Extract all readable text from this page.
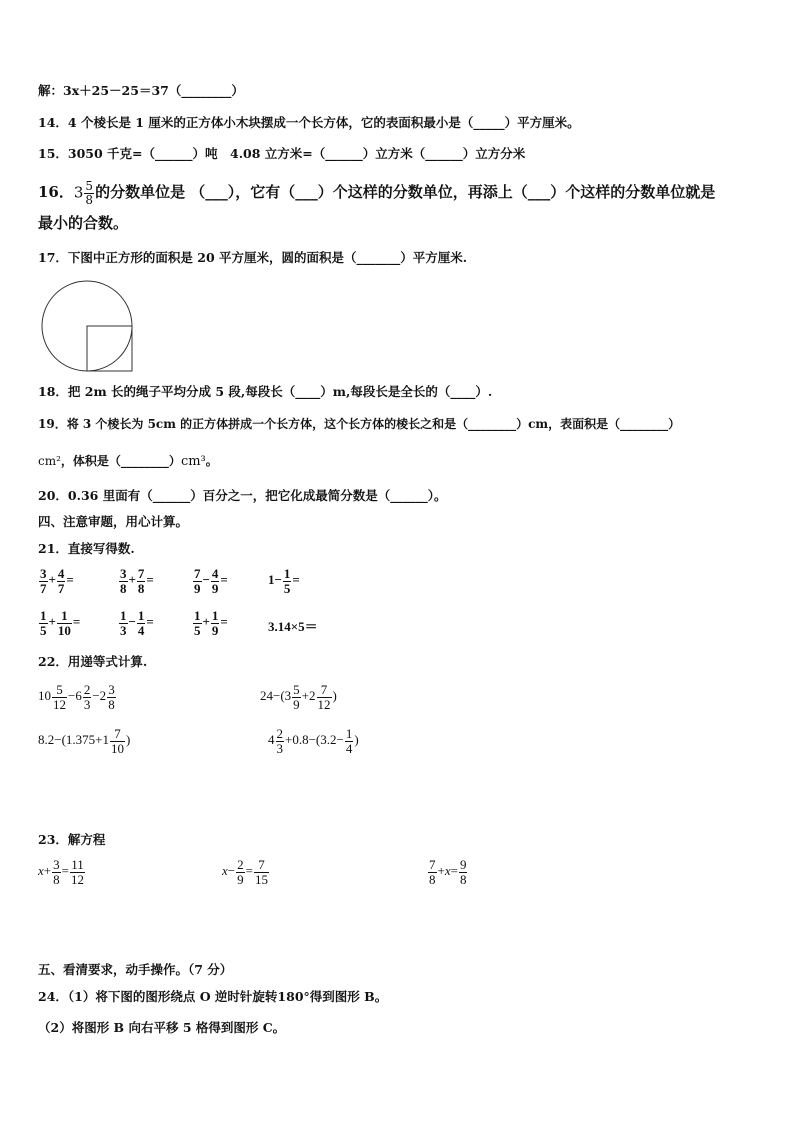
解：3x＋25－25＝37（________）
14．4 个棱长是 1 厘米的正方体小木块摆成一个长方体，它的表面积最小是（_____）平方厘米。
15．3050 千克=（______）吨　4.08 立方米=（______）立方米（______）立方分米
16．$3 \frac{5}{8}$ 的分数单位是 （___），它有（___）个这样的分数单位，再添上（___）个这样的分数单位就是
最小的合数。
17．下图中正方形的面积是 20 平方厘米，圆的面积是（_______）平方厘米.
18．把 2m 长的绳子平均分成 5 段,每段长（____）m,每段长是全长的（____）.
19．将 3 个棱长为 5cm 的正方体拼成一个长方体，这个长方体的棱长之和是（________）cm，表面积是（________）
cm²，体积是（________）cm³。
20．0.36 里面有（______）百分之一，把它化成最简分数是（______）。
四、注意审题，用心计算。
21．直接写得数.
$\frac{3}{7} + \frac{4}{7}$ =	$\frac{3}{8} + \frac{7}{8}$ =	$\frac{7}{9} - \frac{4}{9}$ =	$1- \frac{1}{5}$ =
$\frac{1}{5} + \frac{1}{10}$ =	$\frac{1}{3} - \frac{1}{4}$ =	$\frac{1}{5} + \frac{1}{9}$ =	3.14×5＝
22．用递等式计算.
$10 \frac{5}{12} -6 \frac{2}{3} -2 \frac{3}{8}$	$24-(3 \frac{5}{9} +2 \frac{7}{12}$ )
$8.2-(1.375+1 \frac{7}{10}$ )	$4 \frac{2}{3} +0.8-(3.2- \frac{1}{4}$ )
23．解方程
$x+ \frac{3}{8} = \frac{11}{12}$	$x- \frac{2}{9} = \frac{7}{15}$	$\frac{7}{8} +x= \frac{9}{8}$
五、看清要求，动手操作。（7 分）
24．（1）将下图的图形绕点 O 逆时针旋转180°得到图形 B。
（2）将图形 B 向右平移 5 格得到图形 C。
